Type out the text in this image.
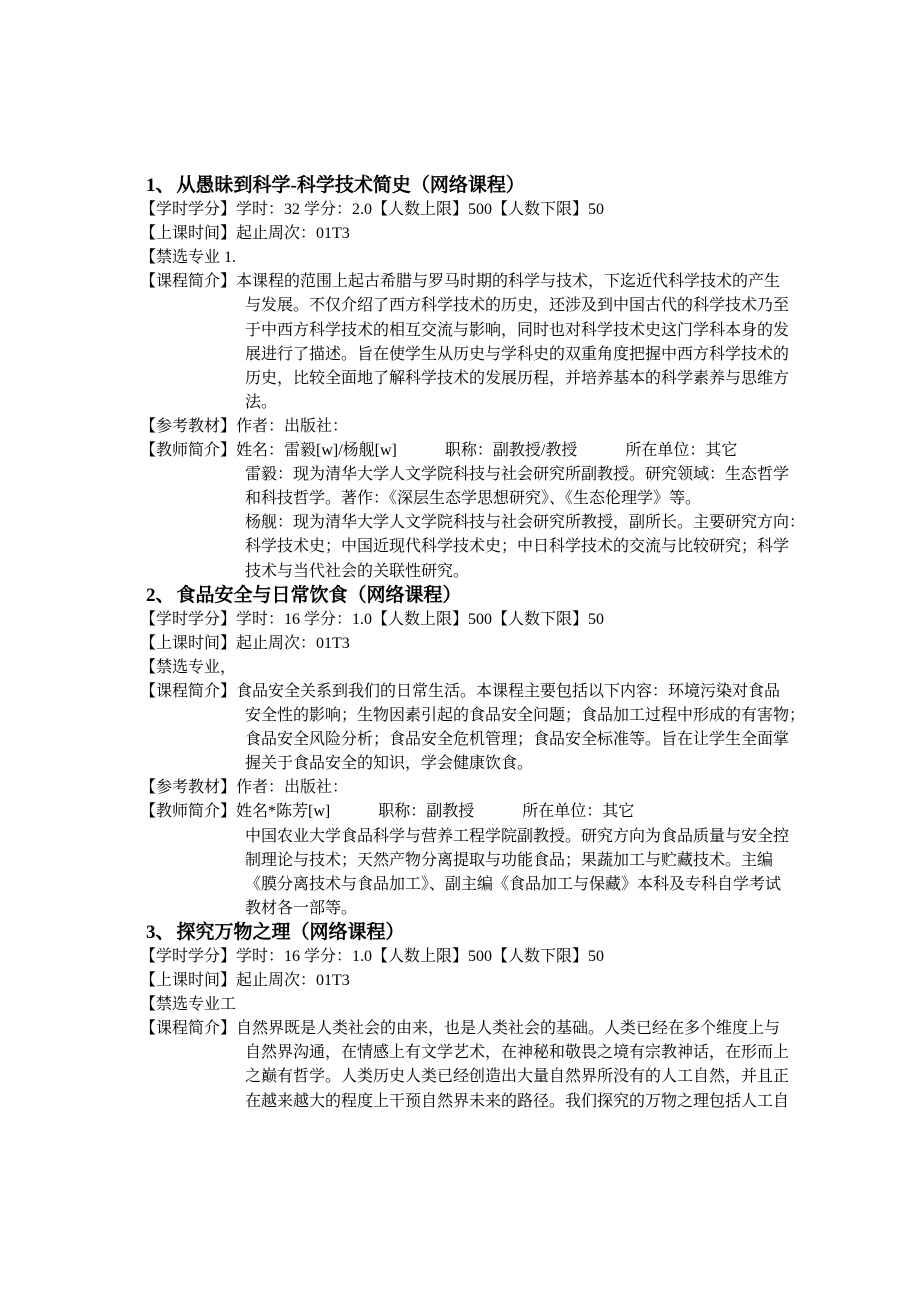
1、 从愚昧到科学-科学技术简史（网络课程）
【学时学分】学时：32 学分：2.0【人数上限】500【人数下限】50
【上课时间】起止周次：01T3
【禁选专业 1.
【课程简介】本课程的范围上起古希腊与罗马时期的科学与技术，下迄近代科学技术的产生
与发展。不仅介绍了西方科学技术的历史，还涉及到中国古代的科学技术乃至
于中西方科学技术的相互交流与影响，同时也对科学技术史这门学科本身的发
展进行了描述。旨在使学生从历史与学科史的双重角度把握中西方科学技术的
历史，比较全面地了解科学技术的发展历程，并培养基本的科学素养与思维方
法。
【参考教材】作者：出版社：
【教师简介】姓名：雷毅[w]/杨舰[w]　　　职称：副教授/教授　　　所在单位：其它
雷毅：现为清华大学人文学院科技与社会研究所副教授。研究领域：生态哲学
和科技哲学。著作：《深层生态学思想研究》、《生态伦理学》等。
杨舰：现为清华大学人文学院科技与社会研究所教授，副所长。主要研究方向：
科学技术史；中国近现代科学技术史；中日科学技术的交流与比较研究；科学
技术与当代社会的关联性研究。
2、 食品安全与日常饮食（网络课程）
【学时学分】学时：16 学分：1.0【人数上限】500【人数下限】50
【上课时间】起止周次：01T3
【禁选专业，
【课程简介】食品安全关系到我们的日常生活。本课程主要包括以下内容：环境污染对食品
安全性的影响；生物因素引起的食品安全问题；食品加工过程中形成的有害物；
食品安全风险分析；食品安全危机管理；食品安全标准等。旨在让学生全面掌
握关于食品安全的知识，学会健康饮食。
【参考教材】作者：出版社：
【教师简介】姓名*陈芳[w]　　　职称：副教授　　　所在单位：其它
中国农业大学食品科学与营养工程学院副教授。研究方向为食品质量与安全控
制理论与技术；天然产物分离提取与功能食品；果蔬加工与贮藏技术。主编
《膜分离技术与食品加工》、副主编《食品加工与保藏》本科及专科自学考试
教材各一部等。
3、 探究万物之理（网络课程）
【学时学分】学时：16 学分：1.0【人数上限】500【人数下限】50
【上课时间】起止周次：01T3
【禁选专业工
【课程简介】自然界既是人类社会的由来，也是人类社会的基础。人类已经在多个维度上与
自然界沟通，在情感上有文学艺术，在神秘和敬畏之境有宗教神话，在形而上
之巅有哲学。人类历史人类已经创造出大量自然界所没有的人工自然，并且正
在越来越大的程度上干预自然界未来的路径。我们探究的万物之理包括人工自
